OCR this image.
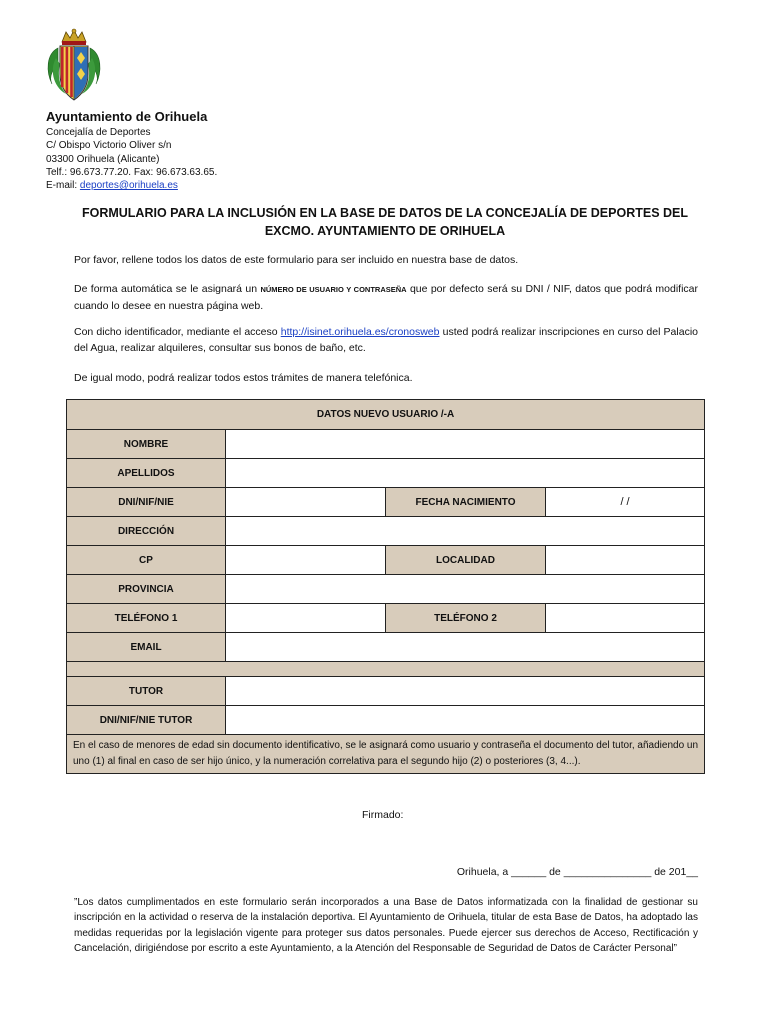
Ayuntamiento de Orihuela
Concejalía de Deportes
C/ Obispo Victorio Oliver s/n
03300 Orihuela (Alicante)
Telf.: 96.673.77.20. Fax: 96.673.63.65.
E-mail: deportes@orihuela.es
FORMULARIO PARA LA INCLUSIÓN EN LA BASE DE DATOS DE LA CONCEJALÍA DE DEPORTES DEL EXCMO. AYUNTAMIENTO DE ORIHUELA
Por favor, rellene todos los datos de este formulario para ser incluido en nuestra base de datos.
De forma automática se le asignará un NÚMERO DE USUARIO Y CONTRASEÑA que por defecto será su DNI / NIF, datos que podrá modificar cuando lo desee en nuestra página web.
Con dicho identificador, mediante el acceso http://isinet.orihuela.es/cronosweb usted podrá realizar inscripciones en curso del Palacio del Agua, realizar alquileres, consultar sus bonos de baño, etc.
De igual modo, podrá realizar todos estos trámites de manera telefónica.
DATOS NUEVO USUARIO /-A			
NOMBRE			
APELLIDOS			
DNI/NIF/NIE		FECHA NACIMIENTO	/ /
DIRECCIÓN			
CP		LOCALIDAD	
PROVINCIA			
TELÉFONO 1		TELÉFONO 2	
EMAIL			

TUTOR			
DNI/NIF/NIE TUTOR			
En el caso de menores de edad sin documento identificativo, se le asignará como usuario y contraseña el documento del tutor, añadiendo un uno (1) al final en caso de ser hijo único, y la numeración correlativa para el segundo hijo (2) o posteriores (3, 4...).			
Firmado:
Orihuela, a ______ de _______________ de 201__
”Los datos cumplimentados en este formulario serán incorporados a una Base de Datos informatizada con la finalidad de gestionar su inscripción en la actividad o reserva de la instalación deportiva. El Ayuntamiento de Orihuela, titular de esta Base de Datos, ha adoptado las medidas requeridas por la legislación vigente para proteger sus datos personales. Puede ejercer sus derechos de Acceso, Rectificación y Cancelación, dirigiéndose por escrito a este Ayuntamiento, a la Atención del Responsable de Seguridad de Datos de Carácter Personal”
